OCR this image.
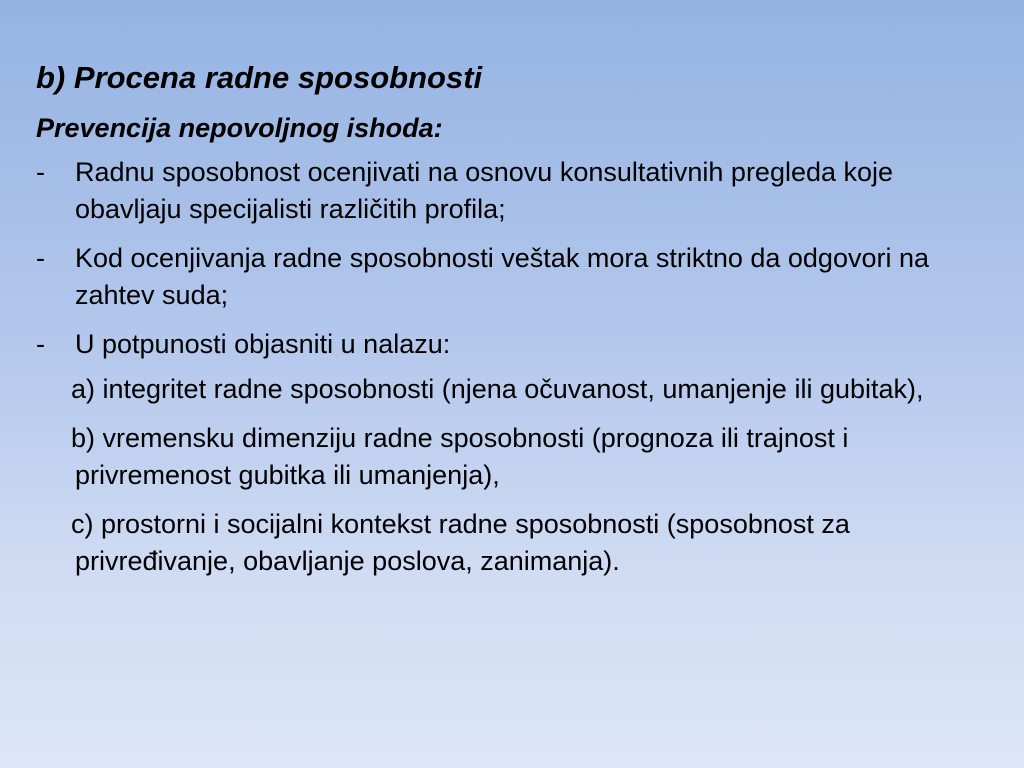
b) Procena radne sposobnosti
Prevencija nepovoljnog ishoda:
- Radnu sposobnost ocenjivati na osnovu konsultativnih pregleda koje obavljaju specijalisti različitih profila;
- Kod ocenjivanja radne sposobnosti veštak mora striktno da odgovori na zahtev suda;
- U potpunosti objasniti u nalazu:

a) integritet radne sposobnosti (njena očuvanost, umanjenje ili gubitak),

b) vremensku dimenziju radne sposobnosti (prognoza ili trajnost i privremenost gubitka ili umanjenja),

c) prostorni i socijalni kontekst radne sposobnosti (sposobnost za privređivanje, obavljanje poslova, zanimanja).
